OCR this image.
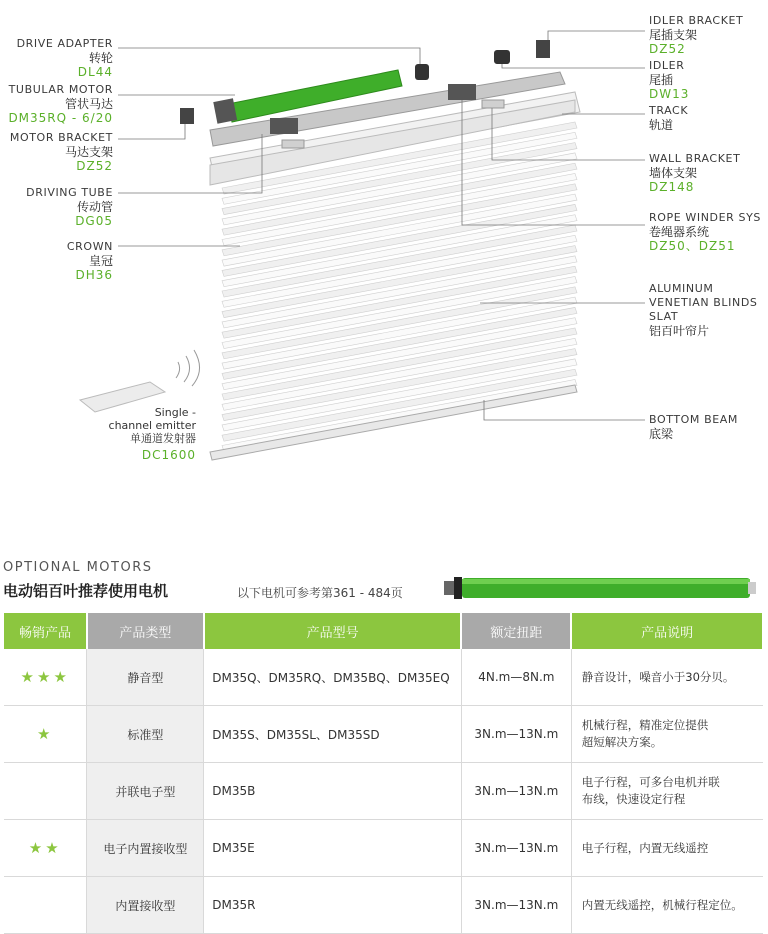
DRIVE ADAPTER
转轮
DL44
TUBULAR MOTOR
管状马达
DM35RQ - 6/20
MOTOR BRACKET
马达支架
DZ52
DRIVING TUBE
传动管
DG05
CROWN
皇冠
DH36
IDLER BRACKET
尾插支架
DZ52
IDLER
尾插
DW13
TRACK
轨道
WALL BRACKET
墙体支架
DZ148
ROPE WINDER SYS
卷绳器系统
DZ50、DZ51
ALUMINUM
VENETIAN BLINDS
SLAT
铝百叶帘片
BOTTOM BEAM
底梁
Single -
channel emitter
单通道发射器
DC1600
OPTIONAL MOTORS
电动铝百叶推荐使用电机	以下电机可参考第361 - 484页
畅销产品	产品类型	产品型号	额定扭距	产品说明
★★★	静音型	DM35Q、DM35RQ、DM35BQ、DM35EQ	4N.m—8N.m	静音设计，噪音小于30分贝。

★	标准型	DM35S、DM35SL、DM35SD	3N.m—13N.m	机械行程，精准定位提供
超短解决方案。

	并联电子型	DM35B	3N.m—13N.m	电子行程，可多台电机并联
布线，快速设定行程

★★	电子内置接收型	DM35E	3N.m—13N.m	电子行程，内置无线遥控

	内置接收型	DM35R	3N.m—13N.m	内置无线遥控，机械行程定位。
